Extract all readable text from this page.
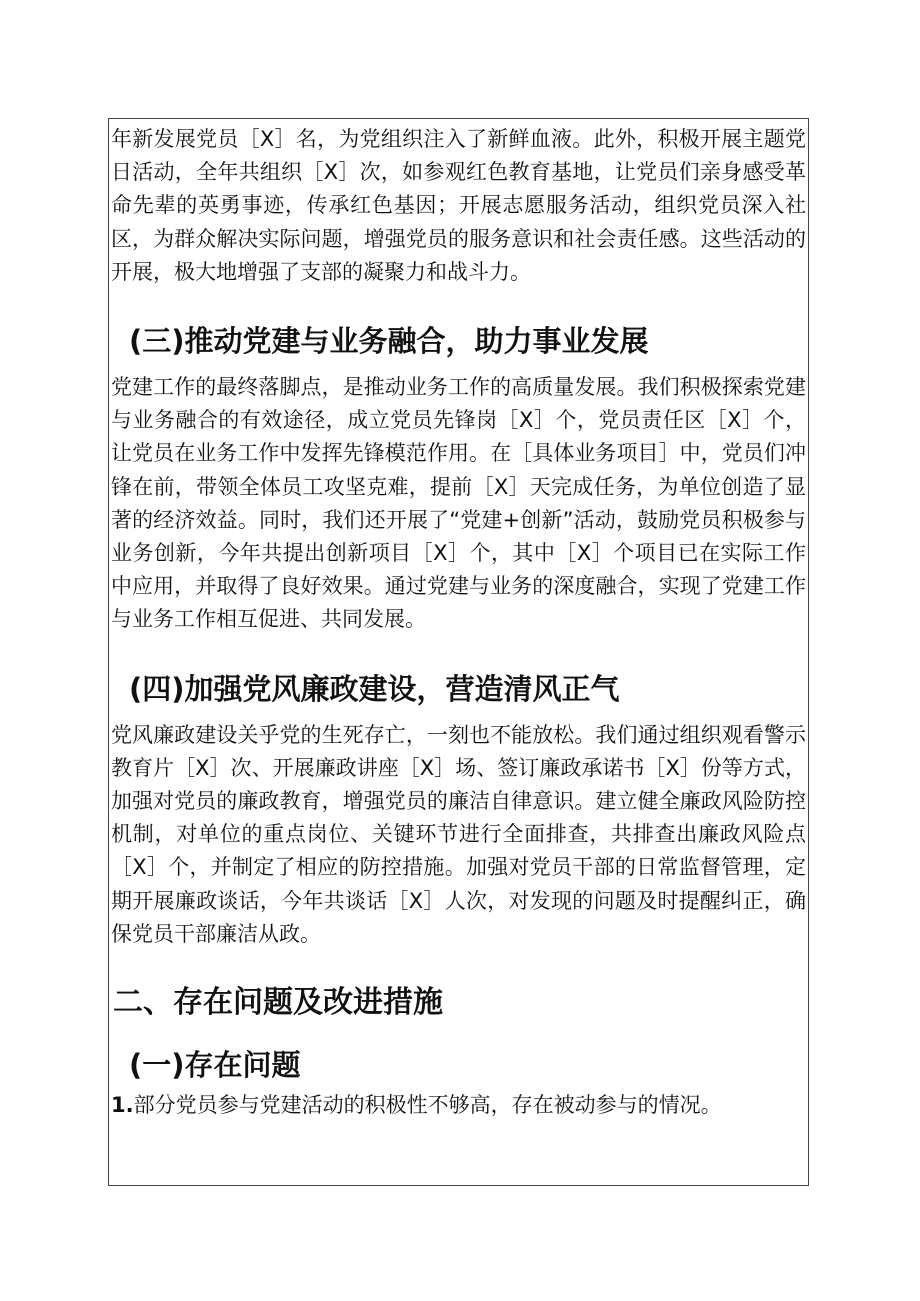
年新发展党员［X］名，为党组织注入了新鲜血液。此外，积极开展主题党日活动，全年共组织［X］次，如参观红色教育基地，让党员们亲身感受革命先辈的英勇事迹，传承红色基因；开展志愿服务活动，组织党员深入社区，为群众解决实际问题，增强党员的服务意识和社会责任感。这些活动的开展，极大地增强了支部的凝聚力和战斗力。

(三)推动党建与业务融合，助力事业发展

党建工作的最终落脚点，是推动业务工作的高质量发展。我们积极探索党建与业务融合的有效途径，成立党员先锋岗［X］个，党员责任区［X］个，让党员在业务工作中发挥先锋模范作用。在［具体业务项目］中，党员们冲锋在前，带领全体员工攻坚克难，提前［X］天完成任务，为单位创造了显著的经济效益。同时，我们还开展了“党建+创新”活动，鼓励党员积极参与业务创新，今年共提出创新项目［X］个，其中［X］个项目已在实际工作中应用，并取得了良好效果。通过党建与业务的深度融合，实现了党建工作与业务工作相互促进、共同发展。

(四)加强党风廉政建设，营造清风正气

党风廉政建设关乎党的生死存亡，一刻也不能放松。我们通过组织观看警示教育片［X］次、开展廉政讲座［X］场、签订廉政承诺书［X］份等方式，加强对党员的廉政教育，增强党员的廉洁自律意识。建立健全廉政风险防控机制，对单位的重点岗位、关键环节进行全面排查，共排查出廉政风险点［X］个，并制定了相应的防控措施。加强对党员干部的日常监督管理，定期开展廉政谈话，今年共谈话［X］人次，对发现的问题及时提醒纠正，确保党员干部廉洁从政。

二、存在问题及改进措施
(一)存在问题

1.部分党员参与党建活动的积极性不够高，存在被动参与的情况。
